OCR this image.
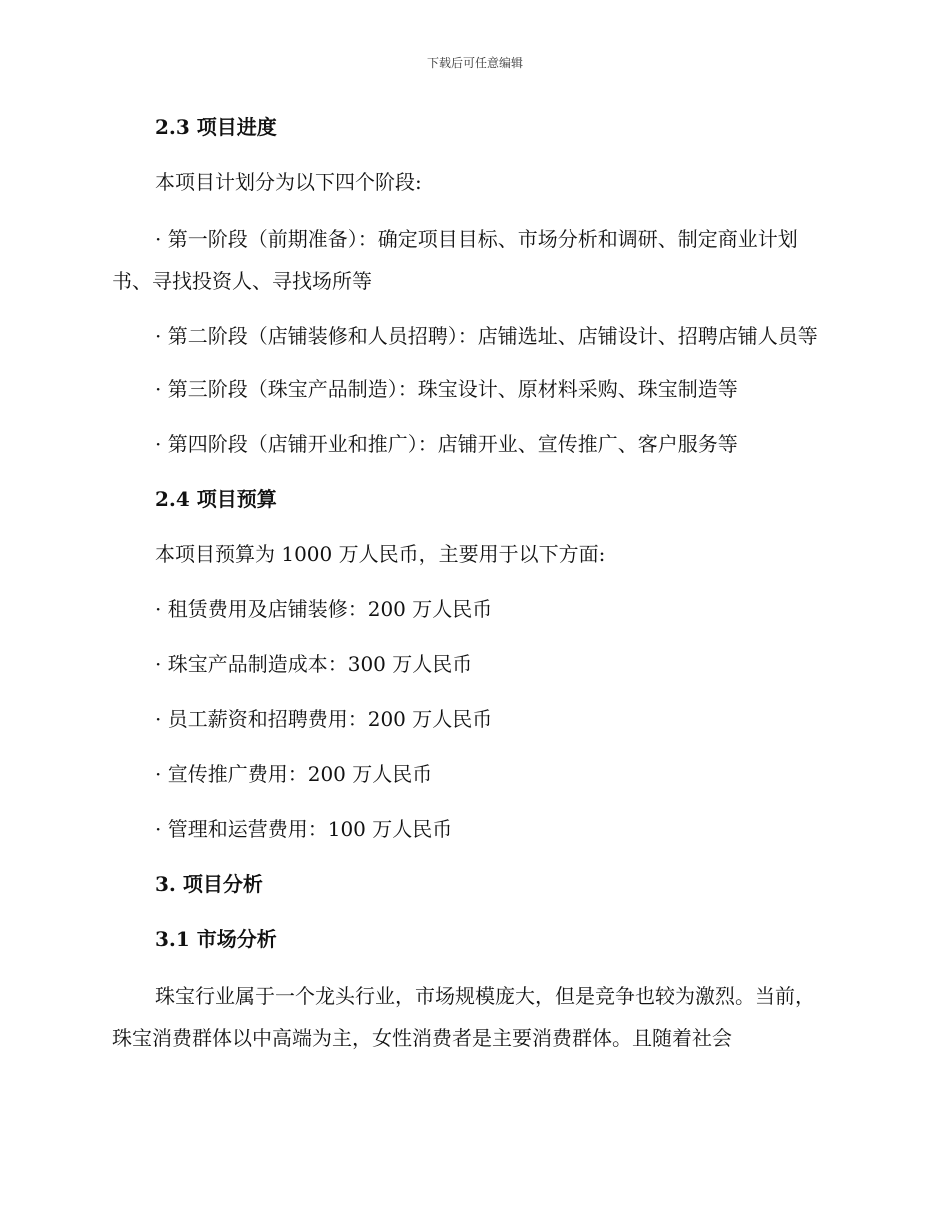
下载后可任意编辑
2.3 项目进度
本项目计划分为以下四个阶段:
· 第一阶段（前期准备）：确定项目目标、市场分析和调研、制定商业计划书、寻找投资人、寻找场所等
· 第二阶段（店铺装修和人员招聘）：店铺选址、店铺设计、招聘店铺人员等
· 第三阶段（珠宝产品制造）：珠宝设计、原材料采购、珠宝制造等
· 第四阶段（店铺开业和推广）：店铺开业、宣传推广、客户服务等
2.4 项目预算
本项目预算为 1000 万人民币，主要用于以下方面:
· 租赁费用及店铺装修：200 万人民币
· 珠宝产品制造成本：300 万人民币
· 员工薪资和招聘费用：200 万人民币
· 宣传推广费用：200 万人民币
· 管理和运营费用：100 万人民币
3. 项目分析
3.1 市场分析
珠宝行业属于一个龙头行业，市场规模庞大，但是竞争也较为激烈。当前，珠宝消费群体以中高端为主，女性消费者是主要消费群体。且随着社会
